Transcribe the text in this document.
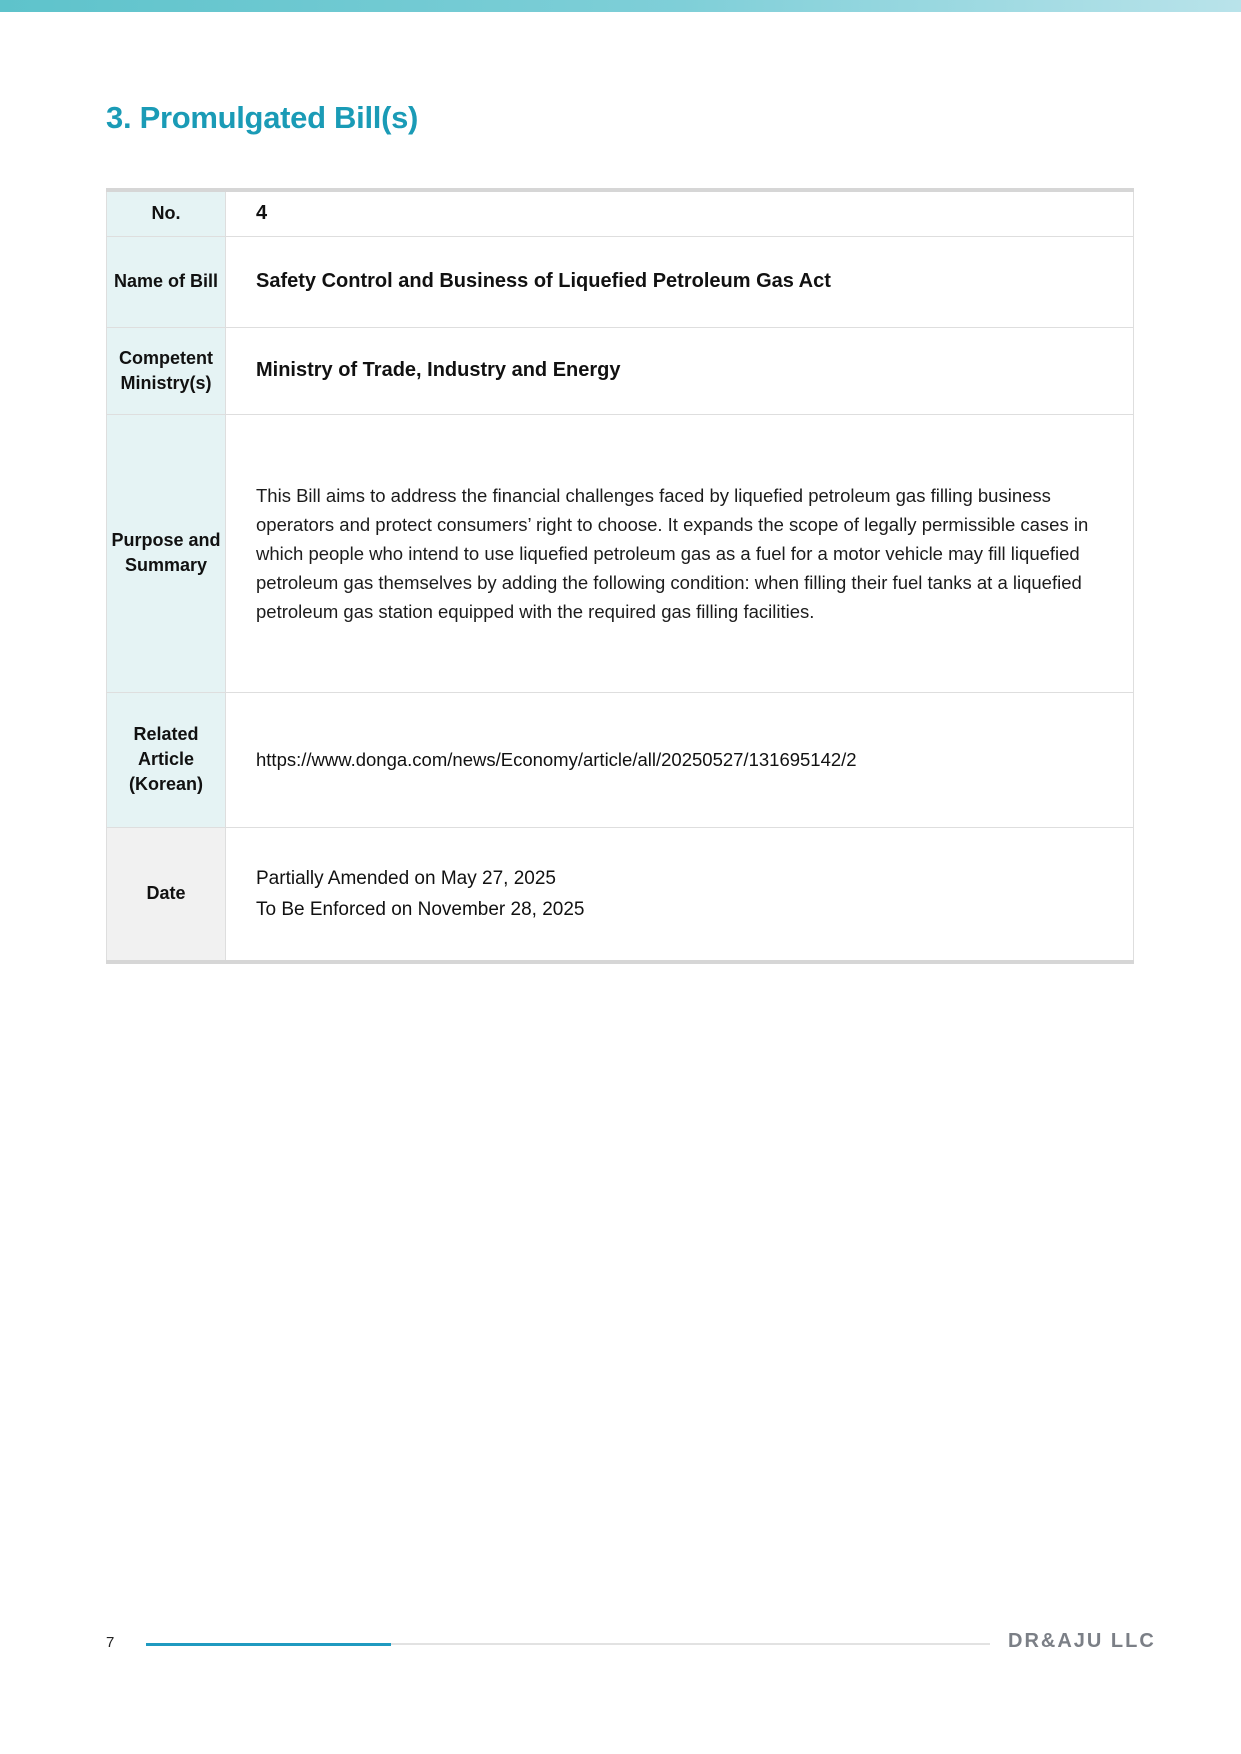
3. Promulgated Bill(s)
No.	4
Name of Bill	Safety Control and Business of Liquefied Petroleum Gas Act
Competent Ministry(s)	Ministry of Trade, Industry and Energy
Purpose and Summary	This Bill aims to address the financial challenges faced by liquefied petroleum gas filling business operators and protect consumers’ right to choose. It expands the scope of legally permissible cases in which people who intend to use liquefied petroleum gas as a fuel for a motor vehicle may fill liquefied petroleum gas themselves by adding the following condition: when filling their fuel tanks at a liquefied petroleum gas station equipped with the required gas filling facilities.
Related Article (Korean)	https://www.donga.com/news/Economy/article/all/20250527/131695142/2
Date	Partially Amended on May 27, 2025
To Be Enforced on November 28, 2025
7	DR&AJU LLC
